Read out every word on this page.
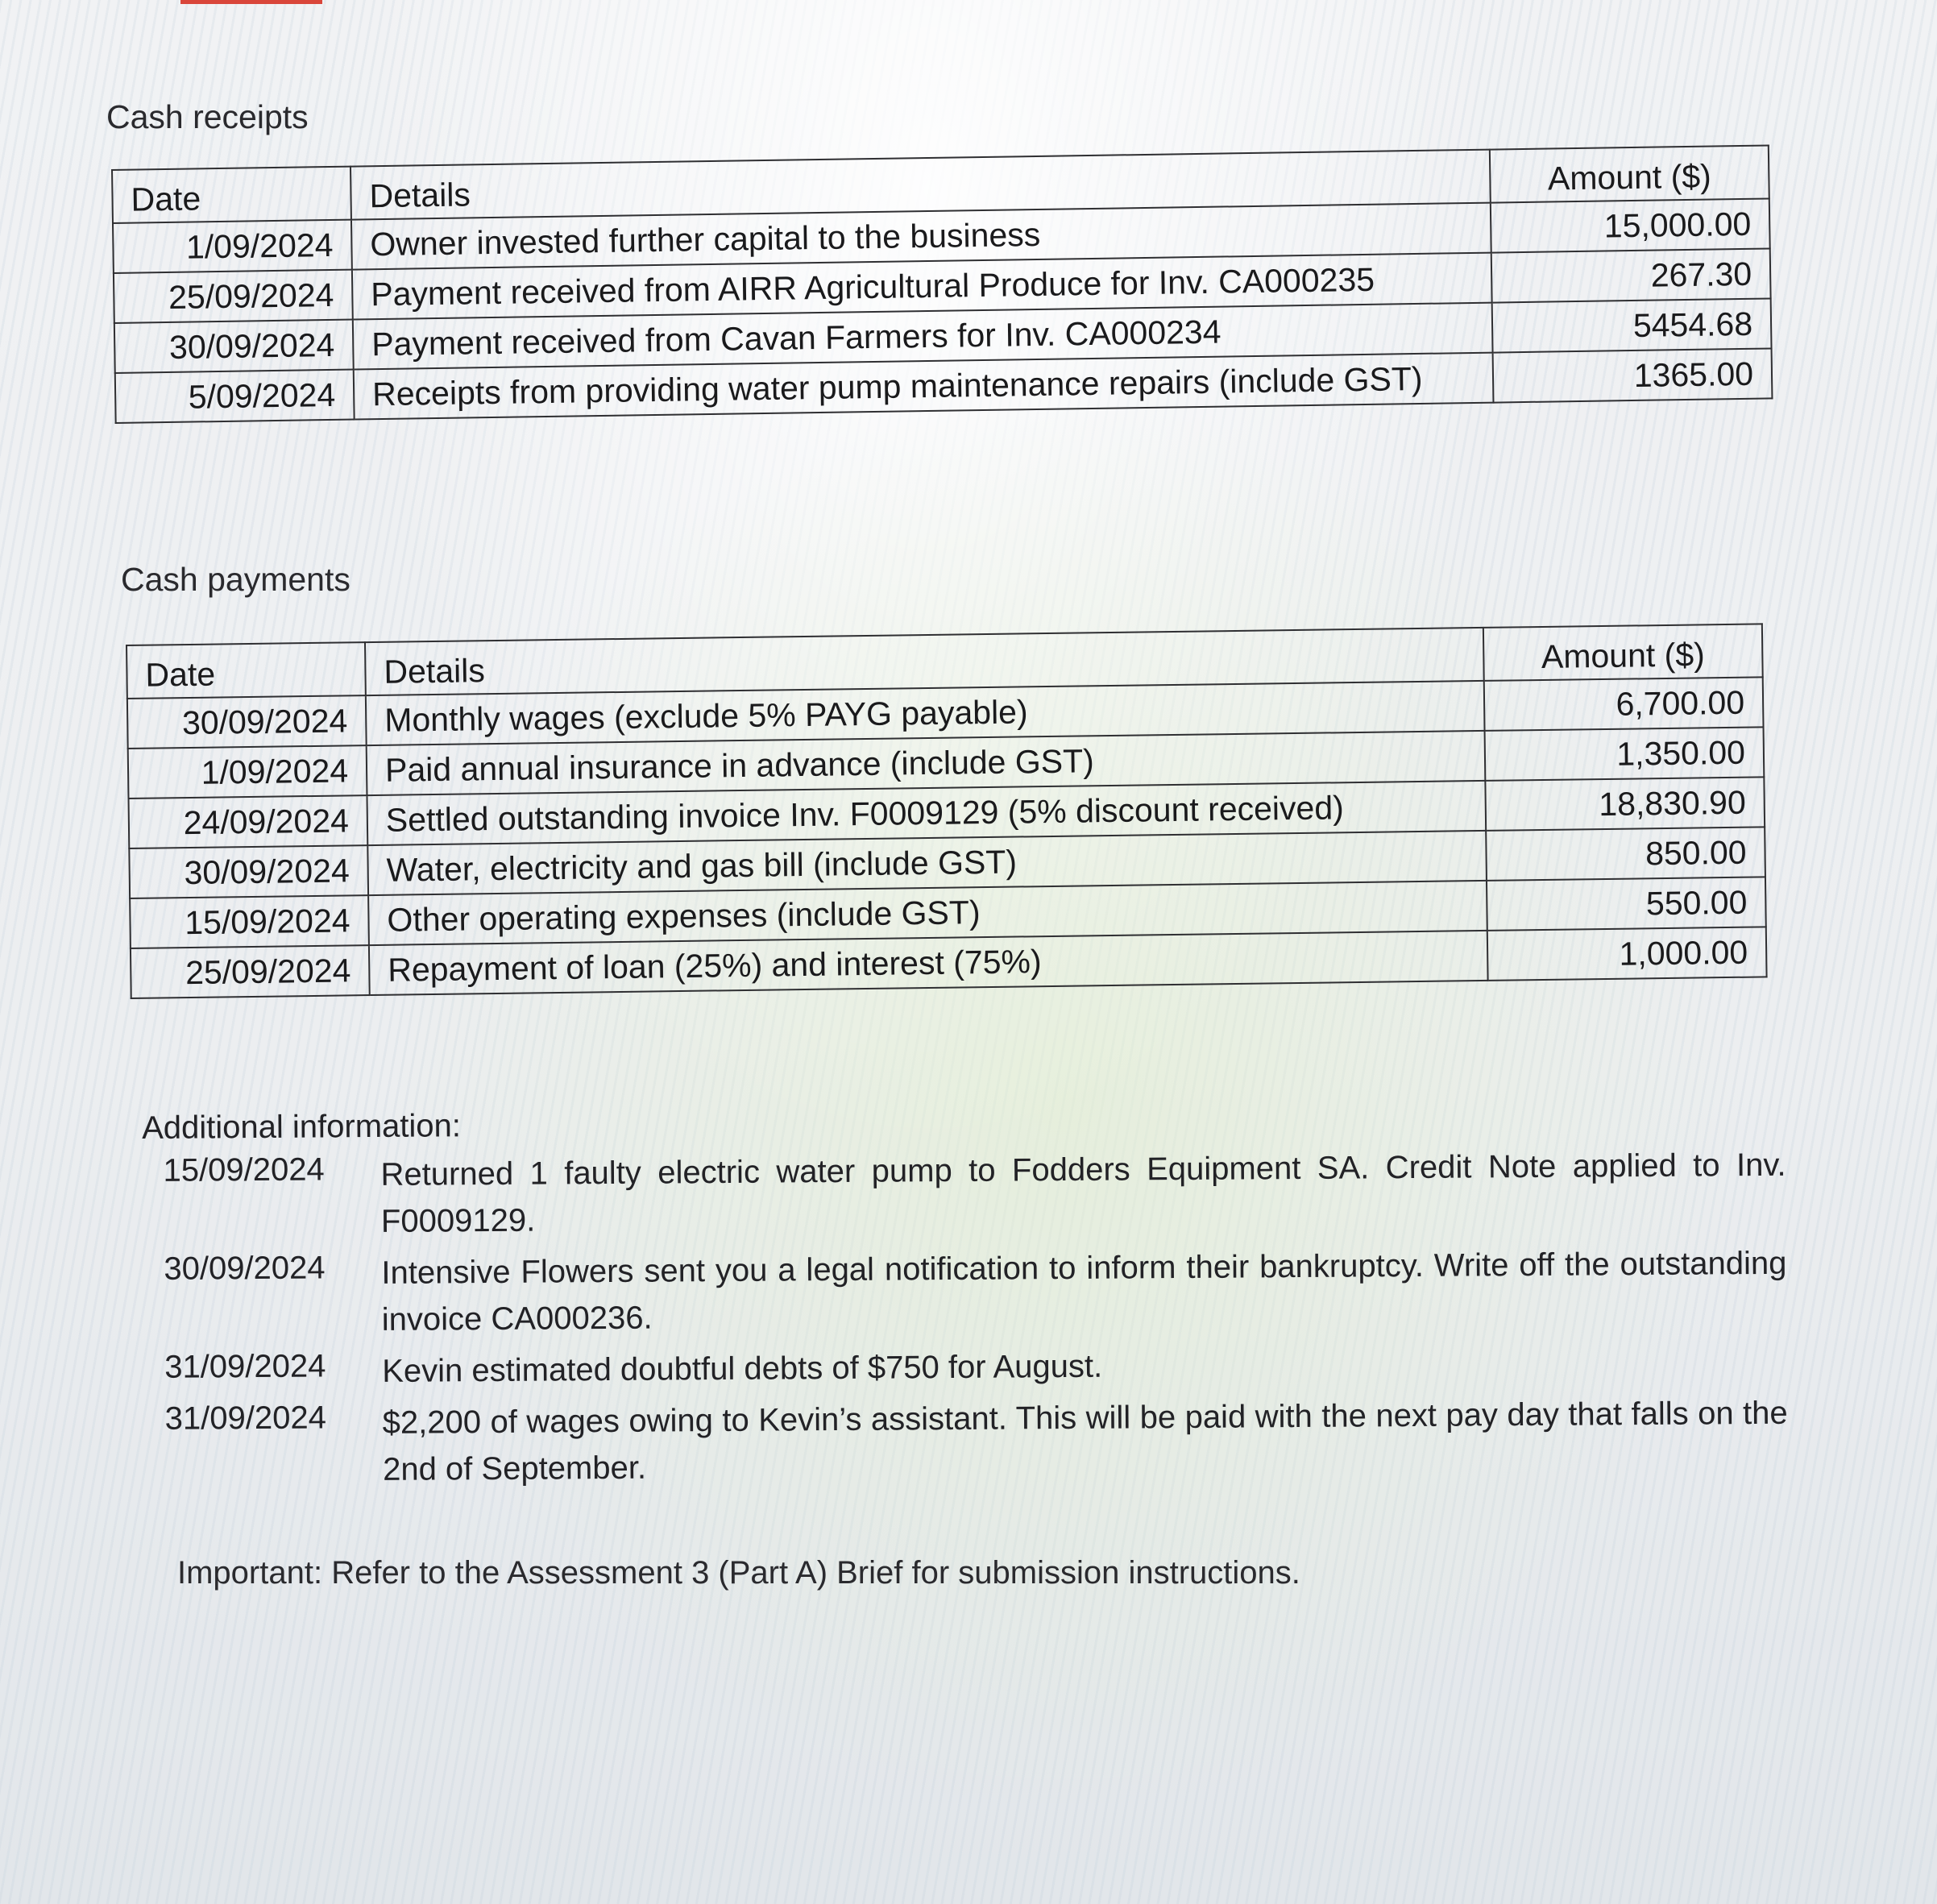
Cash receipts
Date	Details	Amount ($)
1/09/2024	Owner invested further capital to the business	15,000.00
25/09/2024	Payment received from AIRR Agricultural Produce for Inv. CA000235	267.30
30/09/2024	Payment received from Cavan Farmers for Inv. CA000234	5454.68
5/09/2024	Receipts from providing water pump maintenance repairs (include GST)	1365.00
Cash payments
Date	Details	Amount ($)
30/09/2024	Monthly wages (exclude 5% PAYG payable)	6,700.00
1/09/2024	Paid annual insurance in advance (include GST)	1,350.00
24/09/2024	Settled outstanding invoice Inv. F0009129 (5% discount received)	18,830.90
30/09/2024	Water, electricity and gas bill (include GST)	850.00
15/09/2024	Other operating expenses (include GST)	550.00
25/09/2024	Repayment of loan (25%) and interest (75%)	1,000.00
Additional information:
15/09/2024	Returned 1 faulty electric water pump to Fodders Equipment SA. Credit Note applied to Inv. F0009129.
30/09/2024	Intensive Flowers sent you a legal notification to inform their bankruptcy. Write off the outstanding invoice CA000236.
31/09/2024	Kevin estimated doubtful debts of $750 for August.
31/09/2024	$2,200 of wages owing to Kevin’s assistant. This will be paid with the next pay day that falls on the 2nd of September.
Important: Refer to the Assessment 3 (Part A) Brief for submission instructions.
